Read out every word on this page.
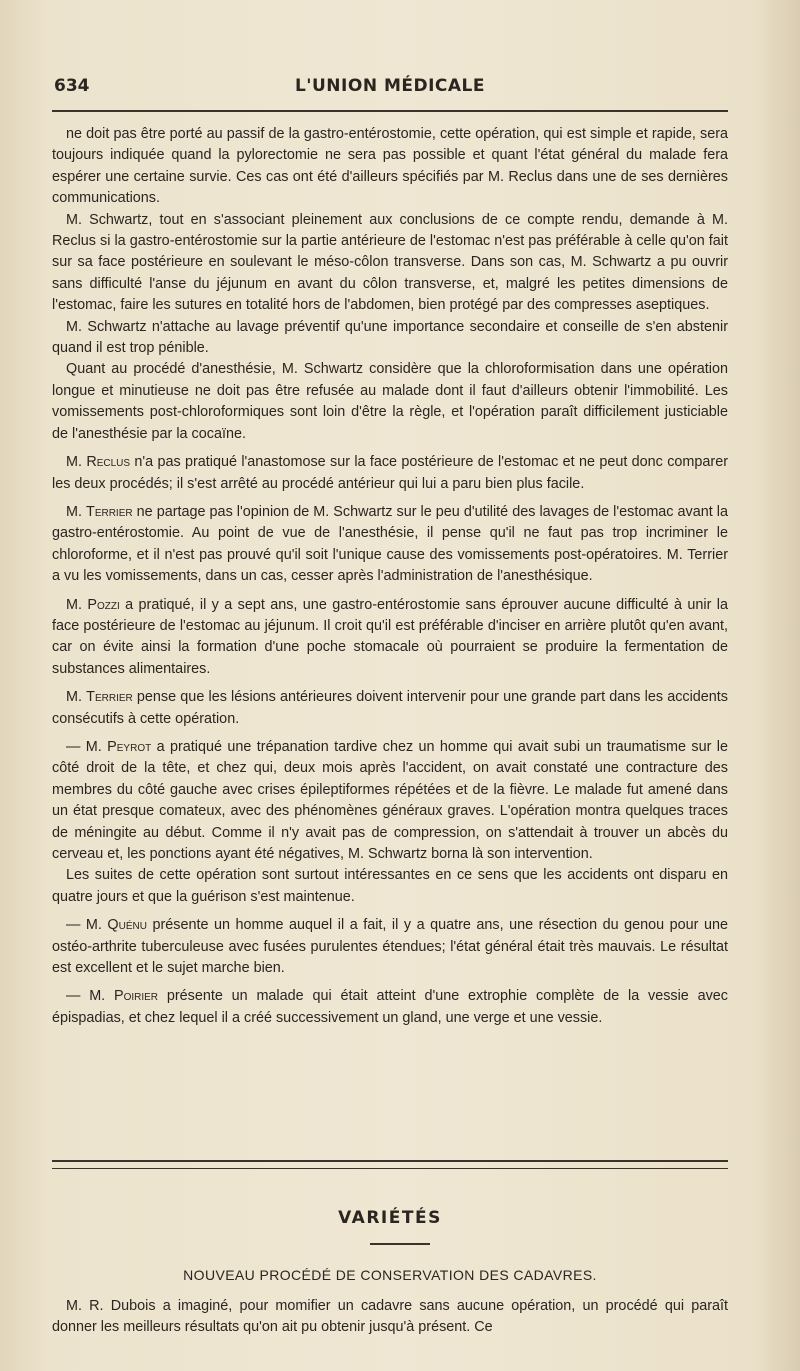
634	L'UNION MÉDICALE

ne doit pas être porté au passif de la gastro-entérostomie, cette opération, qui est simple et rapide, sera toujours indiquée quand la pylorectomie ne sera pas possible et quant l'état général du malade fera espérer une certaine survie. Ces cas ont été d'ailleurs spécifiés par M. Reclus dans une de ses dernières communications.

M. Schwartz, tout en s'associant pleinement aux conclusions de ce compte rendu, demande à M. Reclus si la gastro-entérostomie sur la partie antérieure de l'estomac n'est pas préférable à celle qu'on fait sur sa face postérieure en soulevant le méso-côlon transverse. Dans son cas, M. Schwartz a pu ouvrir sans difficulté l'anse du jéjunum en avant du côlon transverse, et, malgré les petites dimensions de l'estomac, faire les sutures en totalité hors de l'abdomen, bien protégé par des compresses aseptiques.

M. Schwartz n'attache au lavage préventif qu'une importance secondaire et conseille de s'en abstenir quand il est trop pénible.

Quant au procédé d'anesthésie, M. Schwartz considère que la chloroformisation dans une opération longue et minutieuse ne doit pas être refusée au malade dont il faut d'ailleurs obtenir l'immobilité. Les vomissements post-chloroformiques sont loin d'être la règle, et l'opération paraît difficilement justiciable de l'anesthésie par la cocaïne.

M. Reclus n'a pas pratiqué l'anastomose sur la face postérieure de l'estomac et ne peut donc comparer les deux procédés; il s'est arrêté au procédé antérieur qui lui a paru bien plus facile.

M. Terrier ne partage pas l'opinion de M. Schwartz sur le peu d'utilité des lavages de l'estomac avant la gastro-entérostomie. Au point de vue de l'anesthésie, il pense qu'il ne faut pas trop incriminer le chloroforme, et il n'est pas prouvé qu'il soit l'unique cause des vomissements post-opératoires. M. Terrier a vu les vomissements, dans un cas, cesser après l'administration de l'anesthésique.

M. Pozzi a pratiqué, il y a sept ans, une gastro-entérostomie sans éprouver aucune difficulté à unir la face postérieure de l'estomac au jéjunum. Il croit qu'il est préférable d'inciser en arrière plutôt qu'en avant, car on évite ainsi la formation d'une poche stomacale où pourraient se produire la fermentation de substances alimentaires.

M. Terrier pense que les lésions antérieures doivent intervenir pour une grande part dans les accidents consécutifs à cette opération.

— M. Peyrot a pratiqué une trépanation tardive chez un homme qui avait subi un traumatisme sur le côté droit de la tête, et chez qui, deux mois après l'accident, on avait constaté une contracture des membres du côté gauche avec crises épileptiformes répétées et de la fièvre. Le malade fut amené dans un état presque comateux, avec des phénomènes généraux graves. L'opération montra quelques traces de méningite au début. Comme il n'y avait pas de compression, on s'attendait à trouver un abcès du cerveau et, les ponctions ayant été négatives, M. Schwartz borna là son intervention.

Les suites de cette opération sont surtout intéressantes en ce sens que les accidents ont disparu en quatre jours et que la guérison s'est maintenue.

— M. Quénu présente un homme auquel il a fait, il y a quatre ans, une résection du genou pour une ostéo-arthrite tuberculeuse avec fusées purulentes étendues; l'état général était très mauvais. Le résultat est excellent et le sujet marche bien.

— M. Poirier présente un malade qui était atteint d'une extrophie complète de la vessie avec épispadias, et chez lequel il a créé successivement un gland, une verge et une vessie.

VARIÉTÉS
NOUVEAU PROCÉDÉ DE CONSERVATION DES CADAVRES.

M. R. Dubois a imaginé, pour momifier un cadavre sans aucune opération, un procédé qui paraît donner les meilleurs résultats qu'on ait pu obtenir jusqu'à présent. Ce
